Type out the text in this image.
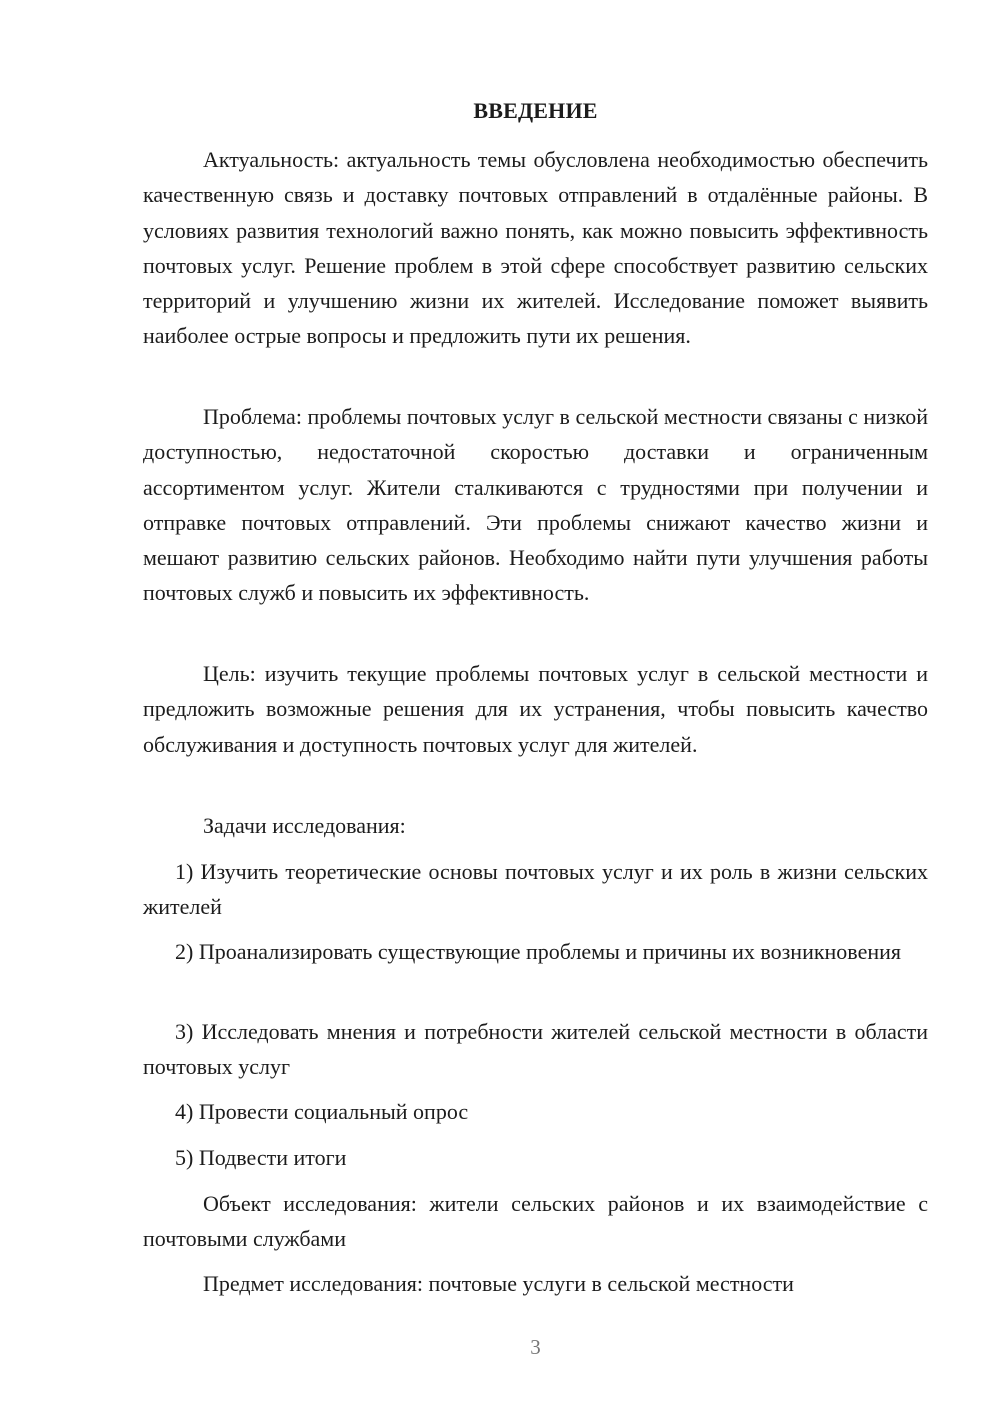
ВВЕДЕНИЕ

Актуальность: актуальность темы обусловлена необходимостью обеспечить качественную связь и доставку почтовых отправлений в отдалённые районы. В условиях развития технологий важно понять, как можно повысить эффективность почтовых услуг. Решение проблем в этой сфере способствует развитию сельских территорий и улучшению жизни их жителей. Исследование поможет выявить наиболее острые вопросы и предложить пути их решения.

Проблема: проблемы почтовых услуг в сельской местности связаны с низкой доступностью, недостаточной скоростью доставки и ограниченным ассортиментом услуг. Жители сталкиваются с трудностями при получении и отправке почтовых отправлений. Эти проблемы снижают качество жизни и мешают развитию сельских районов. Необходимо найти пути улучшения работы почтовых служб и повысить их эффективность.

Цель: изучить текущие проблемы почтовых услуг в сельской местности и предложить возможные решения для их устранения, чтобы повысить качество обслуживания и доступность почтовых услуг для жителей.

Задачи исследования:

1) Изучить теоретические основы почтовых услуг и их роль в жизни сельских жителей

2) Проанализировать существующие проблемы и причины их возникновения

3) Исследовать мнения и потребности жителей сельской местности в области почтовых услуг

4) Провести социальный опрос

5) Подвести итоги

Объект исследования: жители сельских районов и их взаимодействие с почтовыми службами

Предмет исследования: почтовые услуги в сельской местности

3
